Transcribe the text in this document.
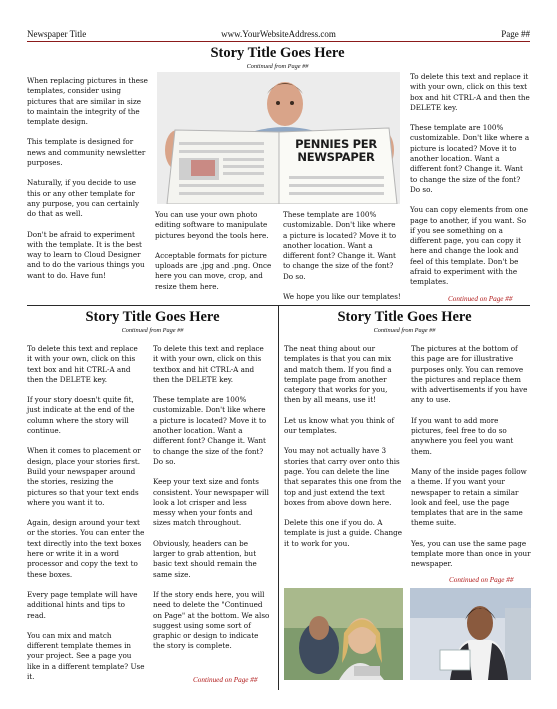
Newspaper Title	www.YourWebsiteAddress.com	Page ##
Story Title Goes Here
Continued from Page ##

When replacing pictures in these templates, consider using pictures that are similar in size to maintain the integrity of the template design.

This template is designed for news and community newsletter purposes.

Naturally, if you decide to use this or any other template for any purpose, you can certainly do that as well.

Don't be afraid to experiment with the template. It is the best way to learn to Cloud Designer and to do the various things you want to do. Have fun!

PENNIES PER NEWSPAPER

You can use your own photo editing software to manipulate pictures beyond the tools here.

Acceptable formats for picture uploads are .jpg and .png. Once here you can move, crop, and resize them here.

These template are 100% customizable. Don't like where a picture is located? Move it to another location. Want a different font? Change it. Want to change the size of the font? Do so.

We hope you like our templates!

To delete this text and replace it with your own, click on this text box and hit CTRL-A and then the DELETE key.

These template are 100% customizable. Don't like where a picture is located? Move it to another location. Want a different font? Change it. Want to change the size of the font? Do so.

You can copy elements from one page to another, if you want. So if you see something on a different page, you can copy it here and change the look and feel of this template. Don't be afraid to experiment with the templates.

Continued on Page ##
Story Title Goes Here
Continued from Page ##

To delete this text and replace it with your own, click on this text box and hit CTRL-A and then the DELETE key.

If your story doesn't quite fit, just indicate at the end of the column where the story will continue.

When it comes to placement or design, place your stories first. Build your newspaper around the stories, resizing the pictures so that your text ends where you want it to.

Again, design around your text or the stories. You can enter the text directly into the text boxes here or write it in a word processor and copy the text to these boxes.

Every page template will have additional hints and tips to read.

You can mix and match different template themes in your project. See a page you like in a different template? Use it.

To delete this text and replace it with your own, click on this textbox and hit CTRL-A and then the DELETE key.

These template are 100% customizable. Don't like where a picture is located? Move it to another location. Want a different font? Change it. Want to change the size of the font? Do so.

Keep your text size and fonts consistent. Your newspaper will look a lot crisper and less messy when your fonts and sizes match throughout.

Obviously, headers can be larger to grab attention, but basic text should remain the same size.

If the story ends here, you will need to delete the "Continued on Page" at the bottom. We also suggest using some sort of graphic or design to indicate the story is complete.

Continued on Page ##
Story Title Goes Here
Continued from Page ##

The neat thing about our templates is that you can mix and match them. If you find a template page from another category that works for you, then by all means, use it!

Let us know what you think of our templates.

You may not actually have 3 stories that carry over onto this page. You can delete the line that separates this one from the top and just extend the text boxes from above down here.

Delete this one if you do. A template is just a guide. Change it to work for you.

The pictures at the bottom of this page are for illustrative purposes only. You can remove the pictures and replace them with advertisements if you have any to use.

If you want to add more pictures, feel free to do so anywhere you feel you want them.

Many of the inside pages follow a theme. If you want your newspaper to retain a similar look and feel, use the page templates that are in the same theme suite.

Yes, you can use the same page template more than once in your newspaper.

Continued on Page ##
